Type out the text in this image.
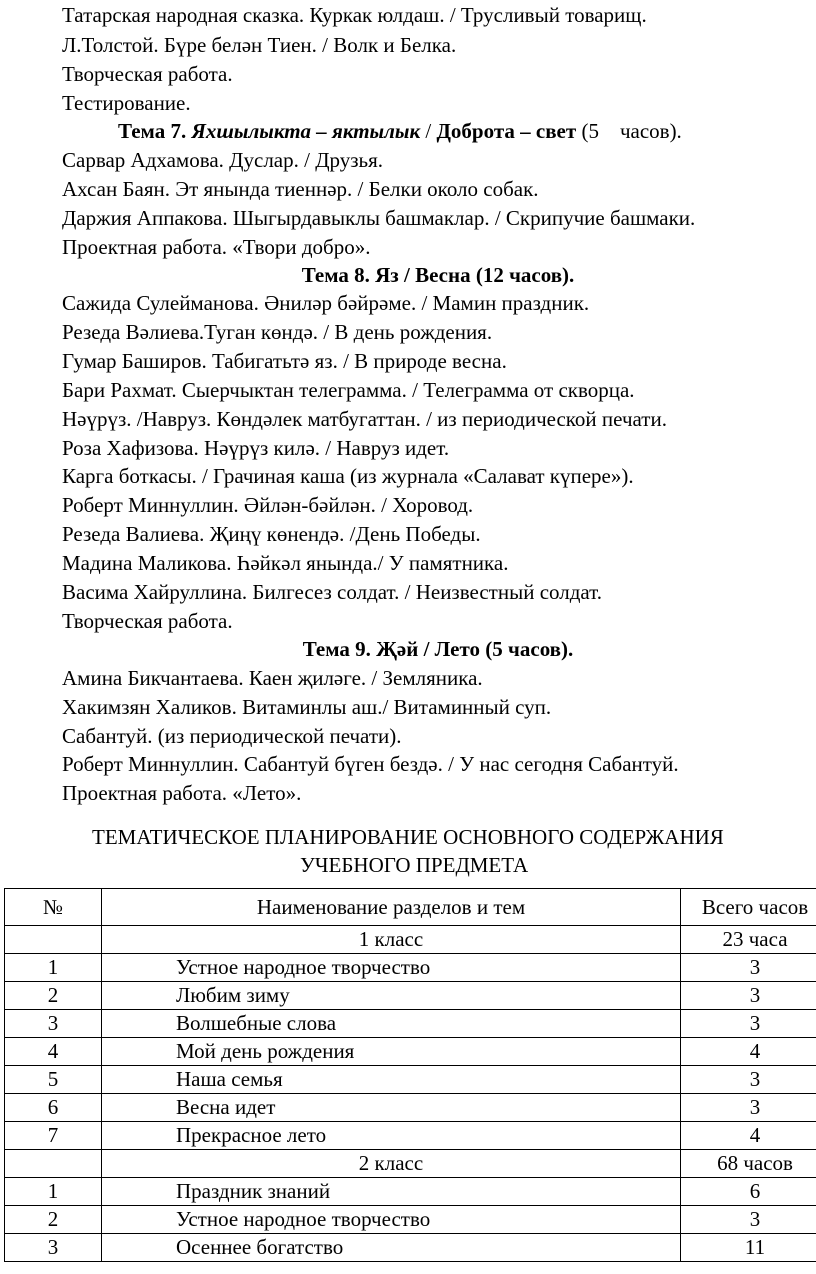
Татарская народная сказка. Куркак юлдаш. / Трусливый товарищ.
Л.Толстой. Бүре белән Тиен. / Волк и Белка.
Творческая работа.
Тестирование.
Тема 7. Яхшылыкта – яктылык / Доброта – свет (5    часов).
Сарвар Адхамова. Дуслар. / Друзья.
Ахсан Баян. Эт янында тиеннәр. / Белки около собак.
Даржия Аппакова. Шыгырдавыклы башмаклар. / Скрипучие башмаки.
Проектная работа. «Твори добро».
Тема 8. Яз / Весна (12 часов).
Сажида Сулейманова. Әниләр бәйрәме. / Мамин праздник.
Резеда Вәлиева.Туган көндә. / В день рождения.
Гумар Баширов. Табигатьтә яз. / В природе весна.
Бари Рахмат. Сыерчыктан телеграмма. / Телеграмма от скворца.
Нәүрүз. /Навруз. Көндәлек матбугаттан. / из периодической печати.
Роза Хафизова. Нәүрүз килә. / Навруз идет.
Карга боткасы. / Грачиная каша (из журнала «Салават күпере»).
Роберт Миннуллин. Әйлән-бәйлән. / Хоровод.
Резеда Валиева. Җиңү көнендә. /День Победы.
Мадина Маликова. Һәйкәл янында./ У памятника.
Васима Хайруллина. Билгесез солдат. / Неизвестный солдат.
Творческая работа.
Тема 9. Җәй / Лето (5 часов).
Амина Бикчантаева. Каен җиләге. / Земляника.
Хакимзян Халиков. Витаминлы аш./ Витаминный суп.
Сабантуй. (из периодической печати).
Роберт Миннуллин. Сабантуй бүген бездә. / У нас сегодня Сабантуй.
Проектная работа. «Лето».
ТЕМАТИЧЕСКОЕ ПЛАНИРОВАНИЕ ОСНОВНОГО СОДЕРЖАНИЯ
УЧЕБНОГО ПРЕДМЕТА
№	Наименование разделов и тем	Всего часов
	1 класс	23 часа
1	Устное народное творчество	3
2	Любим зиму	3
3	Волшебные слова	3
4	Мой день рождения	4
5	Наша семья	3
6	Весна идет	3
7	Прекрасное лето	4
	2 класс	68 часов
1	Праздник знаний	6
2	Устное народное творчество	3
3	Осеннее богатство	11
